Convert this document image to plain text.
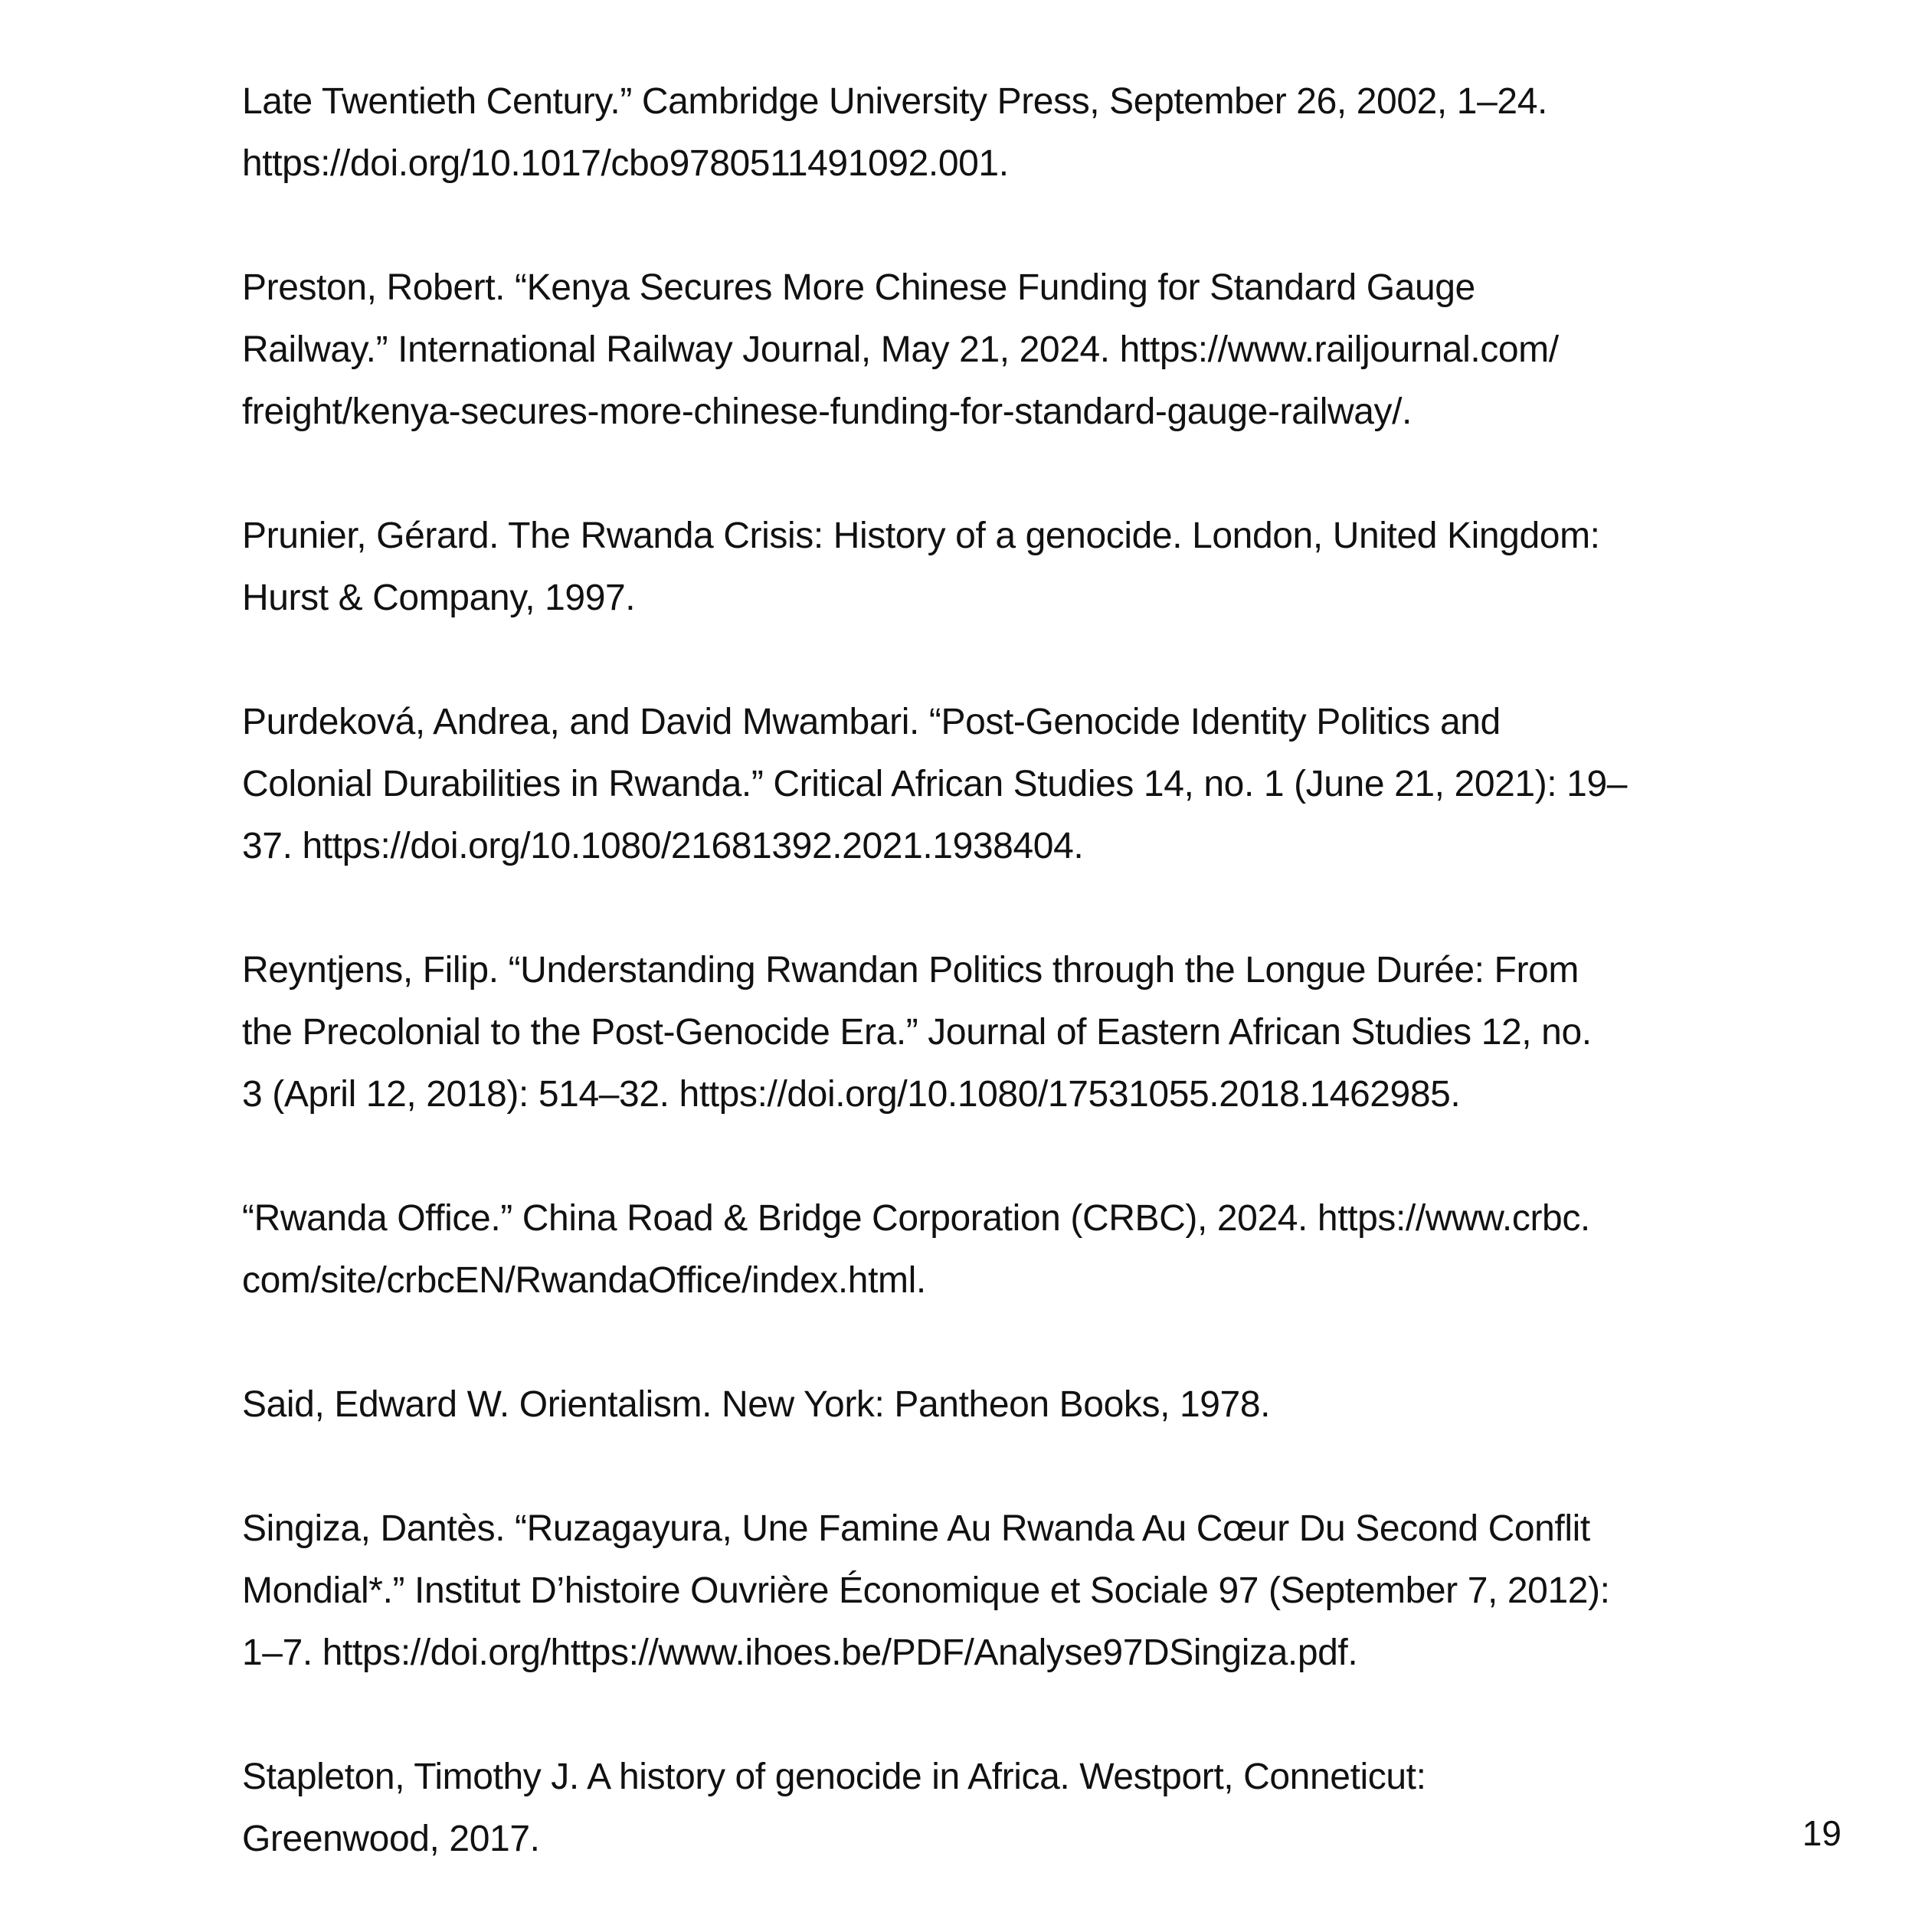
Late Twentieth Century.” Cambridge University Press, September 26, 2002, 1–24.
https://doi.org/10.1017/cbo9780511491092.001.
Preston, Robert. “Kenya Secures More Chinese Funding for Standard Gauge
Railway.” International Railway Journal, May 21, 2024. https://www.railjournal.com/
freight/kenya-secures-more-chinese-funding-for-standard-gauge-railway/.
Prunier, Gérard. The Rwanda Crisis: History of a genocide. London, United Kingdom:
Hurst & Company, 1997.
Purdeková, Andrea, and David Mwambari. “Post-Genocide Identity Politics and
Colonial Durabilities in Rwanda.” Critical African Studies 14, no. 1 (June 21, 2021): 19–
37. https://doi.org/10.1080/21681392.2021.1938404.
Reyntjens, Filip. “Understanding Rwandan Politics through the Longue Durée: From
the Precolonial to the Post-Genocide Era.” Journal of Eastern African Studies 12, no.
3 (April 12, 2018): 514–32. https://doi.org/10.1080/17531055.2018.1462985.
“Rwanda Office.” China Road & Bridge Corporation (CRBC), 2024. https://www.crbc.
com/site/crbcEN/RwandaOffice/index.html.
Said, Edward W. Orientalism. New York: Pantheon Books, 1978.
Singiza, Dantès. “Ruzagayura, Une Famine Au Rwanda Au Cœur Du Second Conflit
Mondial*.” Institut D’histoire Ouvrière Économique et Sociale 97 (September 7, 2012):
1–7. https://doi.org/https://www.ihoes.be/PDF/Analyse97DSingiza.pdf.
Stapleton, Timothy J. A history of genocide in Africa. Westport, Conneticut:
Greenwood, 2017.	19
